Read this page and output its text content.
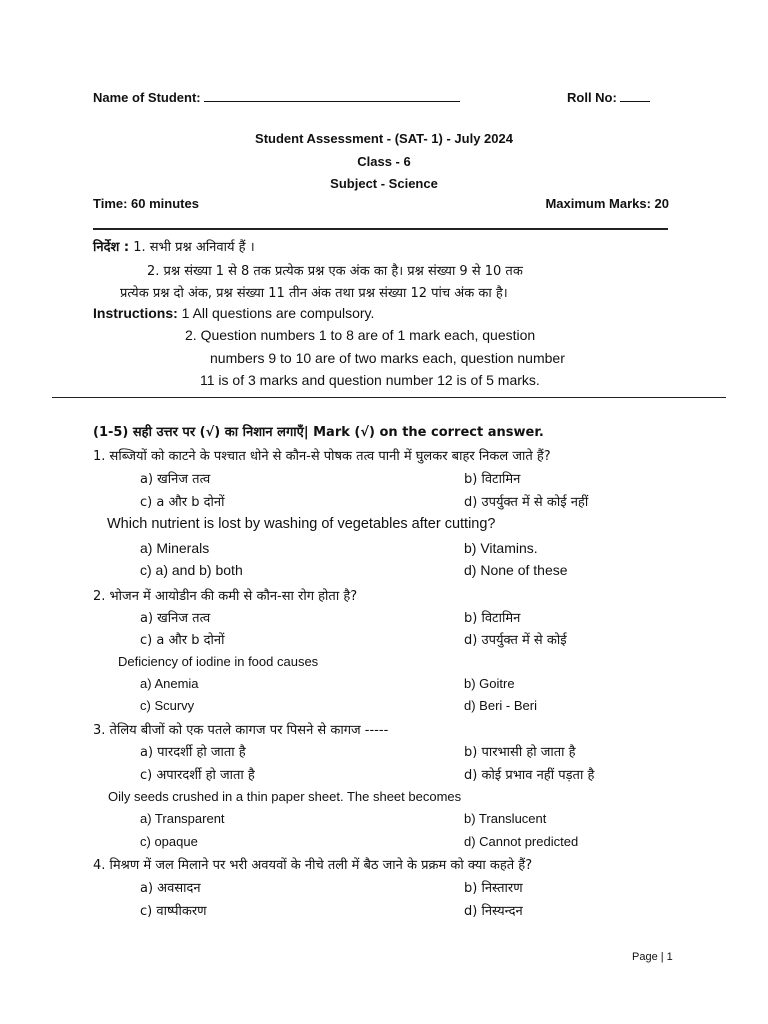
Name of Student:	Roll No:
Student Assessment - (SAT- 1) - July 2024
Class - 6
Subject - Science
Time: 60 minutes	Maximum Marks: 20
निर्देश : 1. सभी प्रश्न अनिवार्य हैं ।
2. प्रश्न संख्या 1 से 8 तक प्रत्येक प्रश्न एक अंक का है। प्रश्न संख्या 9 से 10 तक
प्रत्येक प्रश्न दो अंक, प्रश्न संख्या 11 तीन अंक तथा प्रश्न संख्या 12 पांच अंक का है।
Instructions: 1 All questions are compulsory.
2. Question numbers 1 to 8 are of 1 mark each, question
numbers 9 to 10 are of two marks each, question number
11 is of 3 marks and question number 12 is of 5 marks.
(1-5) सही उत्तर पर (√) का निशान लगाएँ| Mark (√) on the correct answer.
1. सब्जियों को काटने के पश्चात धोने से कौन-से पोषक तत्व पानी में घुलकर बाहर निकल जाते हैं?
a) खनिज तत्व	b) विटामिन
c) a और b दोनों	d) उपर्युक्त में से कोई नहीं
Which nutrient is lost by washing of vegetables after cutting?
a) Minerals	b) Vitamins.
c) a) and b) both	d) None of these
2. भोजन में आयोडीन की कमी से कौन-सा रोग होता है?
a) खनिज तत्व	b) विटामिन
c) a और b दोनों	d) उपर्युक्त में से कोई
Deficiency of iodine in food causes
a) Anemia	b) Goitre
c) Scurvy	d) Beri - Beri
3. तेलिय बीजों को एक पतले कागज पर पिसने से कागज -----
a) पारदर्शी हो जाता है	b) पारभासी हो जाता है
c) अपारदर्शी हो जाता है	d) कोई प्रभाव नहीं पड़ता है
Oily seeds crushed in a thin paper sheet. The sheet becomes
a) Transparent	b) Translucent
c) opaque	d) Cannot predicted
4. मिश्रण में जल मिलाने पर भरी अवयवों के नीचे तली में बैठ जाने के प्रक्रम को क्या कहते हैं?
a) अवसादन	b) निस्तारण
c) वाष्पीकरण	d) निस्यन्दन
Page | 1
